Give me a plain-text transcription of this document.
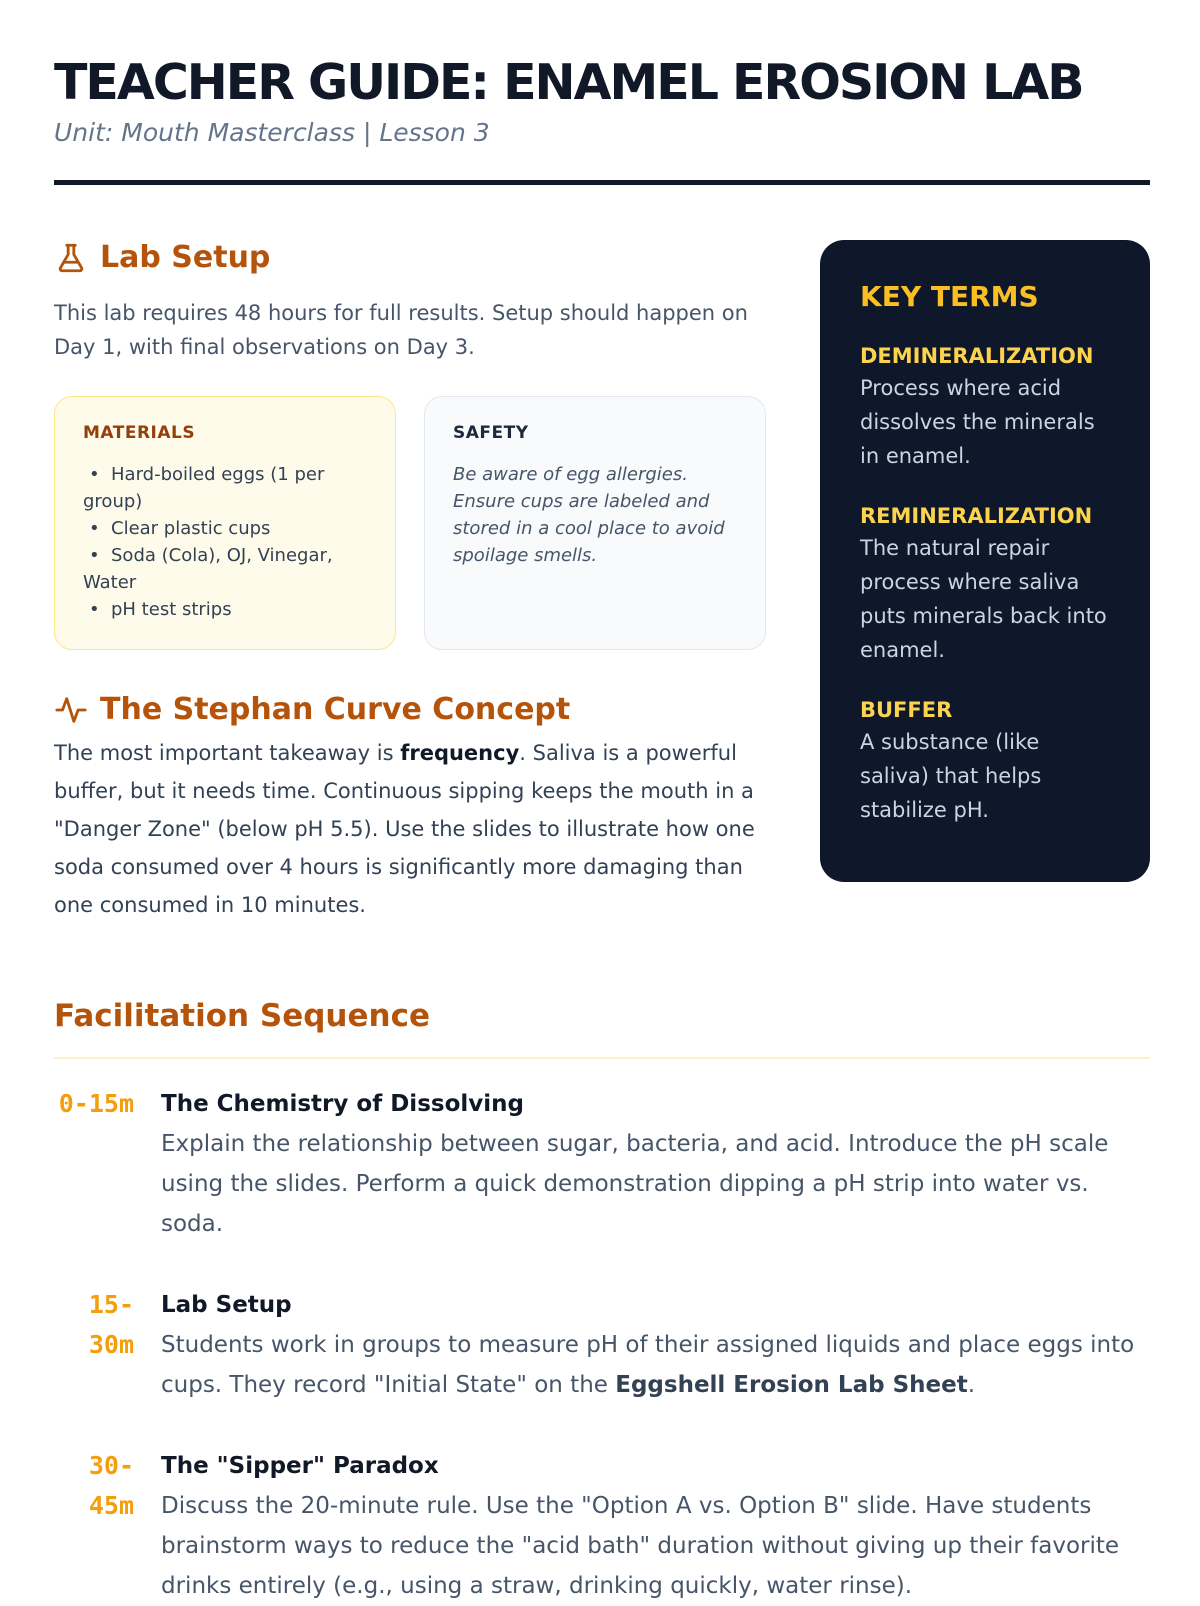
TEACHER GUIDE: ENAMEL EROSION LAB
Unit: Mouth Masterclass | Lesson 3
Lab Setup

This lab requires 48 hours for full results. Setup should happen on Day 1, with final observations on Day 3.

MATERIALS
• Hard-boiled eggs (1 per group)
• Clear plastic cups
• Soda (Cola), OJ, Vinegar, Water
• pH test strips
SAFETY
Be aware of egg allergies. Ensure cups are labeled and stored in a cool place to avoid spoilage smells.
The Stephan Curve Concept

The most important takeaway is frequency. Saliva is a powerful buffer, but it needs time. Continuous sipping keeps the mouth in a "Danger Zone" (below pH 5.5). Use the slides to illustrate how one soda consumed over 4 hours is significantly more damaging than one consumed in 10 minutes.

KEY TERMS
DEMINERALIZATION
Process where acid dissolves the minerals in enamel.
REMINERALIZATION
The natural repair process where saliva puts minerals back into enamel.
BUFFER
A substance (like saliva) that helps stabilize pH.
Facilitation Sequence
0-15m The Chemistry of Dissolving
Explain the relationship between sugar, bacteria, and acid. Introduce the pH scale using the slides. Perform a quick demonstration dipping a pH strip into water vs. soda.
15-30m
Lab Setup
Students work in groups to measure pH of their assigned liquids and place eggs into cups. They record "Initial State" on the Eggshell Erosion Lab Sheet.
30-45m
The "Sipper" Paradox
Discuss the 20-minute rule. Use the "Option A vs. Option B" slide. Have students brainstorm ways to reduce the "acid bath" duration without giving up their favorite drinks entirely (e.g., using a straw, drinking quickly, water rinse).
